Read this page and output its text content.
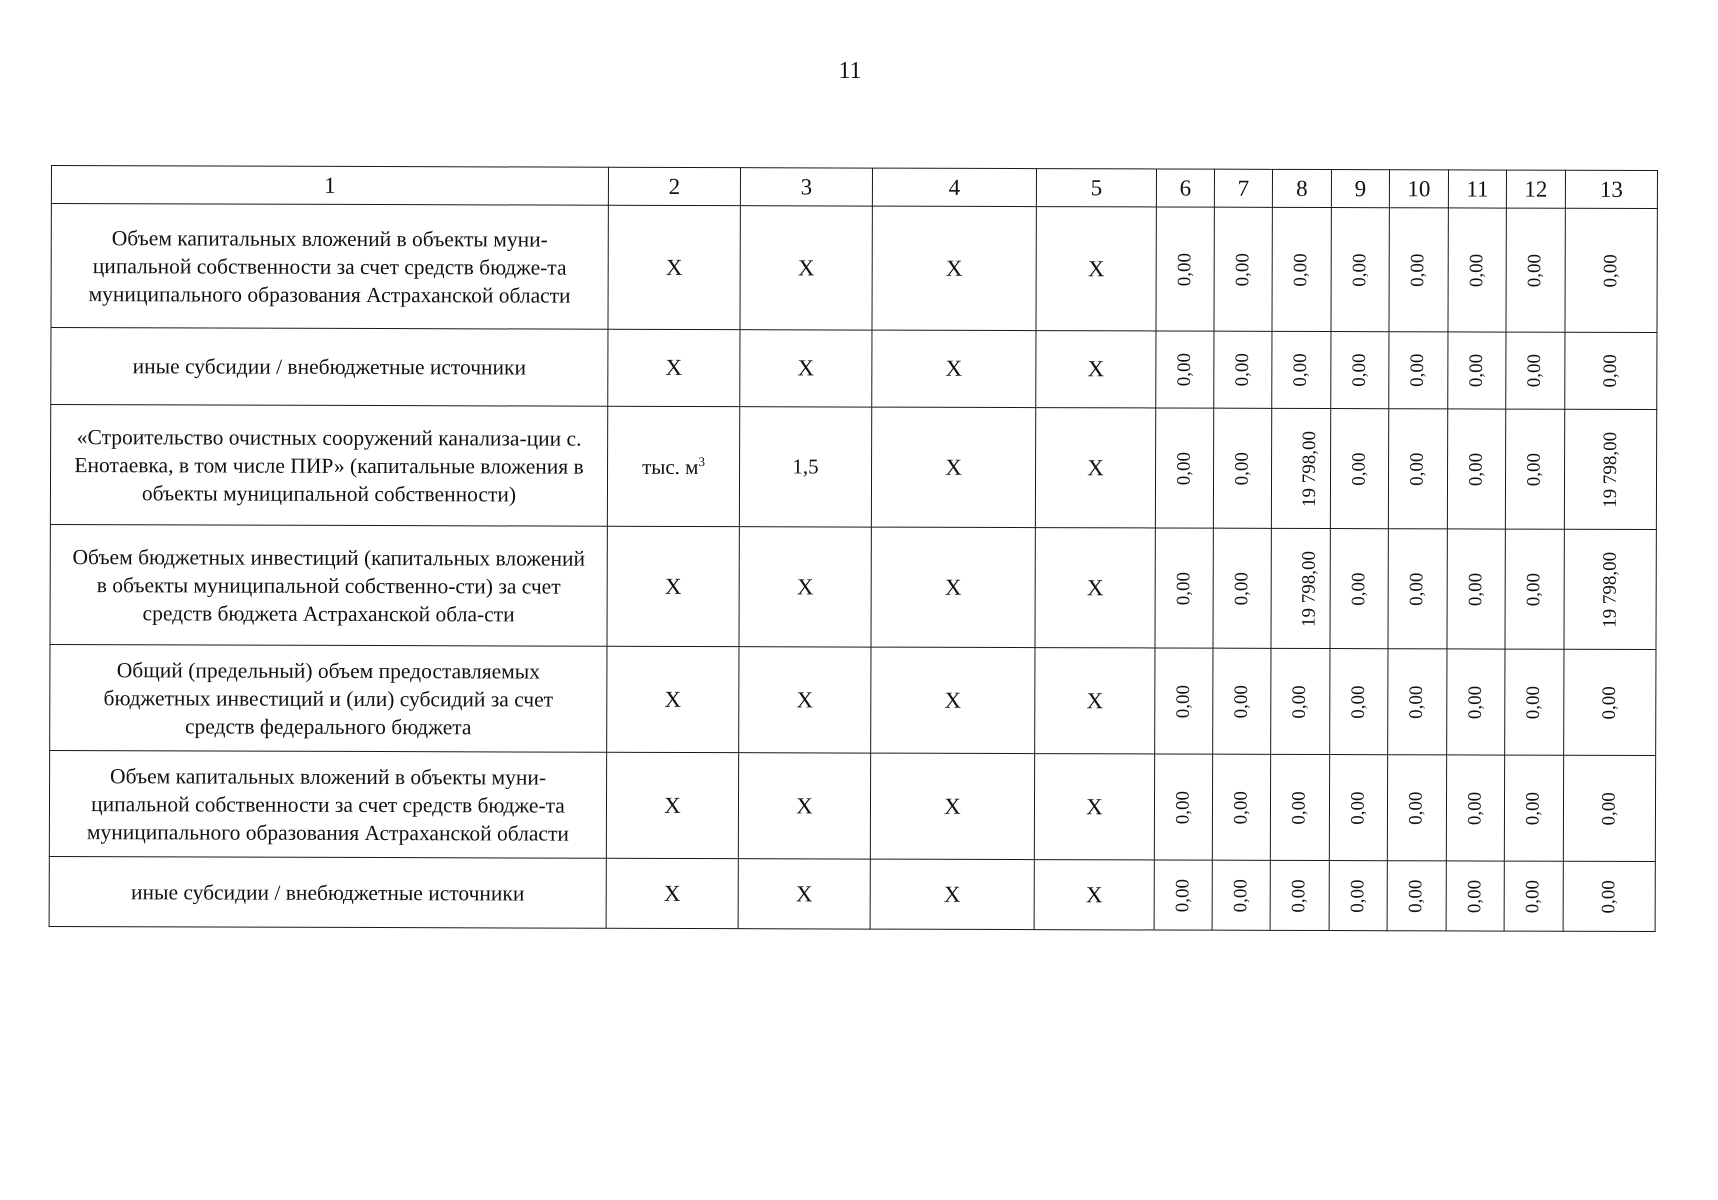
11
1	2	3	4	5	6	7	8	9	10	11	12	13
Объем капитальных вложений в объекты муни-ципальной собственности за счет средств бюдже-та муниципального образования Астраханской области	Х	Х	Х	Х	0,00	0,00	0,00	0,00	0,00	0,00	0,00	0,00
иные субсидии / внебюджетные источники	Х	Х	Х	Х	0,00	0,00	0,00	0,00	0,00	0,00	0,00	0,00
«Строительство очистных сооружений канализа-ции с. Енотаевка, в том числе ПИР» (капитальные вложения в объекты муниципальной собственности)	тыс. $м^3$	1,5	Х	Х	0,00	0,00	19 798,00	0,00	0,00	0,00	0,00	19 798,00
Объем бюджетных инвестиций (капитальных вложений в объекты муниципальной собственно-сти) за счет средств бюджета Астраханской обла-сти	Х	Х	Х	Х	0,00	0,00	19 798,00	0,00	0,00	0,00	0,00	19 798,00
Общий (предельный) объем предоставляемых бюджетных инвестиций и (или) субсидий за счет средств федерального бюджета	Х	Х	Х	Х	0,00	0,00	0,00	0,00	0,00	0,00	0,00	0,00
Объем капитальных вложений в объекты муни-ципальной собственности за счет средств бюдже-та муниципального образования Астраханской области	Х	Х	Х	Х	0,00	0,00	0,00	0,00	0,00	0,00	0,00	0,00
иные субсидии / внебюджетные источники	Х	Х	Х	Х	0,00	0,00	0,00	0,00	0,00	0,00	0,00	0,00
